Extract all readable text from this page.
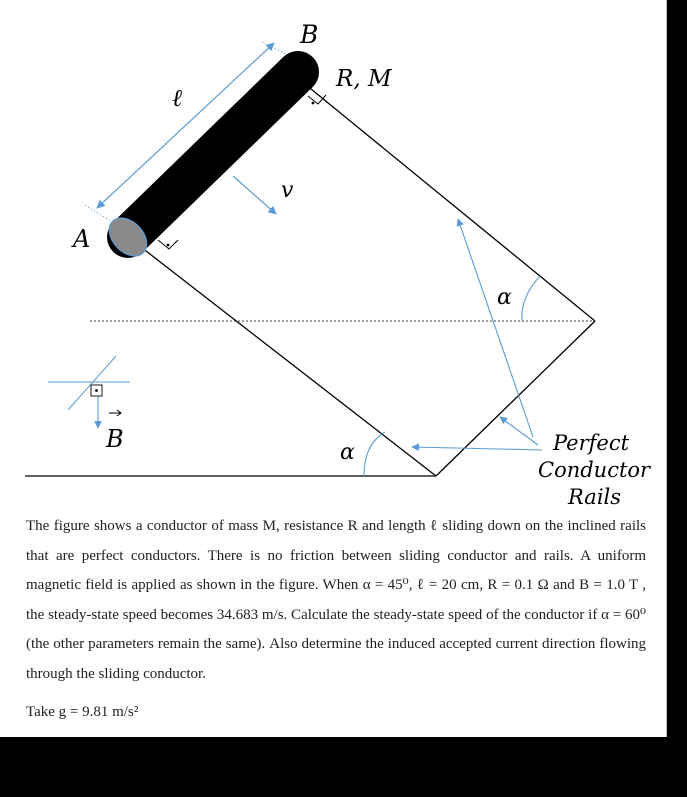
B
R, M
ℓ
v
A
α
α
B	Perfect
Conductor
Rails

The figure shows a conductor of mass M, resistance R and length ℓ sliding down on the inclined rails that are perfect conductors. There is no friction between sliding conductor and rails. A uniform magnetic field is applied as shown in the figure. When α = 45⁰, ℓ = 20 cm, R = 0.1 Ω and B = 1.0 T , the steady-state speed becomes 34.683 m/s. Calculate the steady-state speed of the conductor if α = 60⁰ (the other parameters remain the same). Also determine the induced accepted current direction flowing through the sliding conductor.

Take g = 9.81 m/s²
